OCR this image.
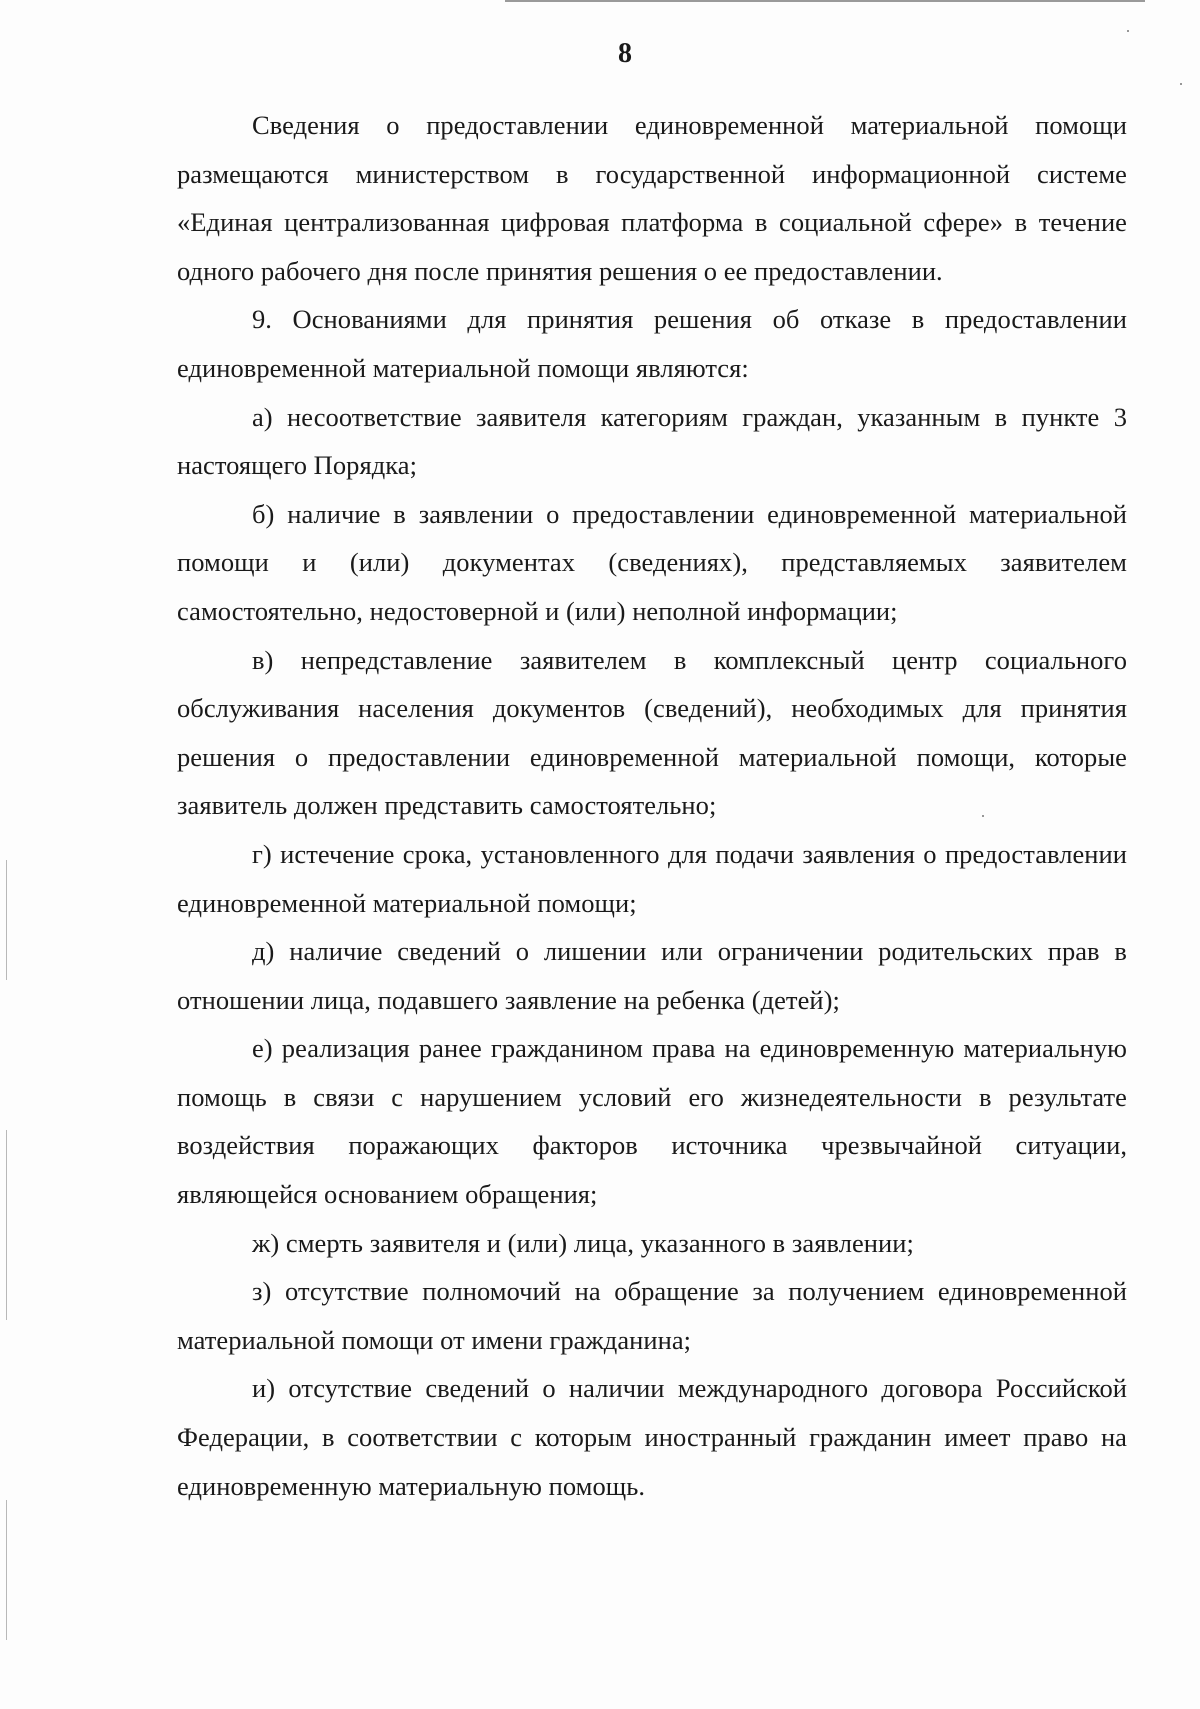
8

Сведения о предоставлении единовременной материальной помощи размещаются министерством в государственной информационной системе «Единая централизованная цифровая платформа в социальной сфере» в течение одного рабочего дня после принятия решения о ее предоставлении.

9. Основаниями для принятия решения об отказе в предоставлении единовременной материальной помощи являются:

а) несоответствие заявителя категориям граждан, указанным в пункте 3 настоящего Порядка;

б) наличие в заявлении о предоставлении единовременной материальной помощи и (или) документах (сведениях), представляемых заявителем самостоятельно, недостоверной и (или) неполной информации;

в) непредставление заявителем в комплексный центр социального обслуживания населения документов (сведений), необходимых для принятия решения о предоставлении единовременной материальной помощи, которые заявитель должен представить самостоятельно;

г) истечение срока, установленного для подачи заявления о предоставлении единовременной материальной помощи;

д) наличие сведений о лишении или ограничении родительских прав в отношении лица, подавшего заявление на ребенка (детей);

е) реализация ранее гражданином права на единовременную материальную помощь в связи с нарушением условий его жизнедеятельности в результате воздействия поражающих факторов источника чрезвычайной ситуации, являющейся основанием обращения;

ж) смерть заявителя и (или) лица, указанного в заявлении;

з) отсутствие полномочий на обращение за получением единовременной материальной помощи от имени гражданина;

и) отсутствие сведений о наличии международного договора Российской Федерации, в соответствии с которым иностранный гражданин имеет право на единовременную материальную помощь.
